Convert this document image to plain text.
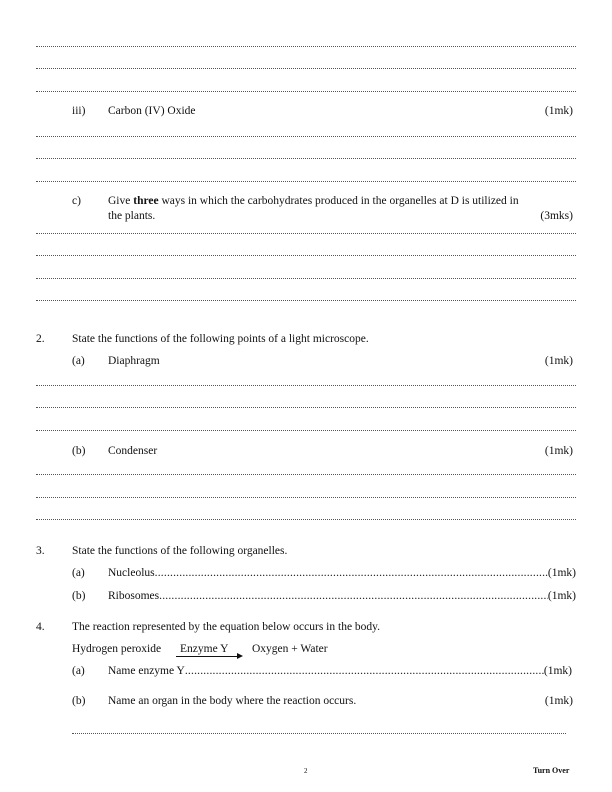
iii) Carbon (IV) Oxide	(1mk)
c) Give three ways in which the carbohydrates produced in the organelles at D is utilized in
the plants.	(3mks)
2. State the functions of the following points of a light microscope.
(a) Diaphragm	(1mk)
(b) Condenser	(1mk)
3. State the functions of the following organelles.
(a) Nucleolus .....	(1mk)
(b) Ribosomes .....	(1mk)
4. The reaction represented by the equation below occurs in the body.
Hydrogen peroxide Enzyme Y Oxygen + Water
(a) Name enzyme Y .....	(1mk)
(b) Name an organ in the body where the reaction occurs.	(1mk)
2	Turn Over
